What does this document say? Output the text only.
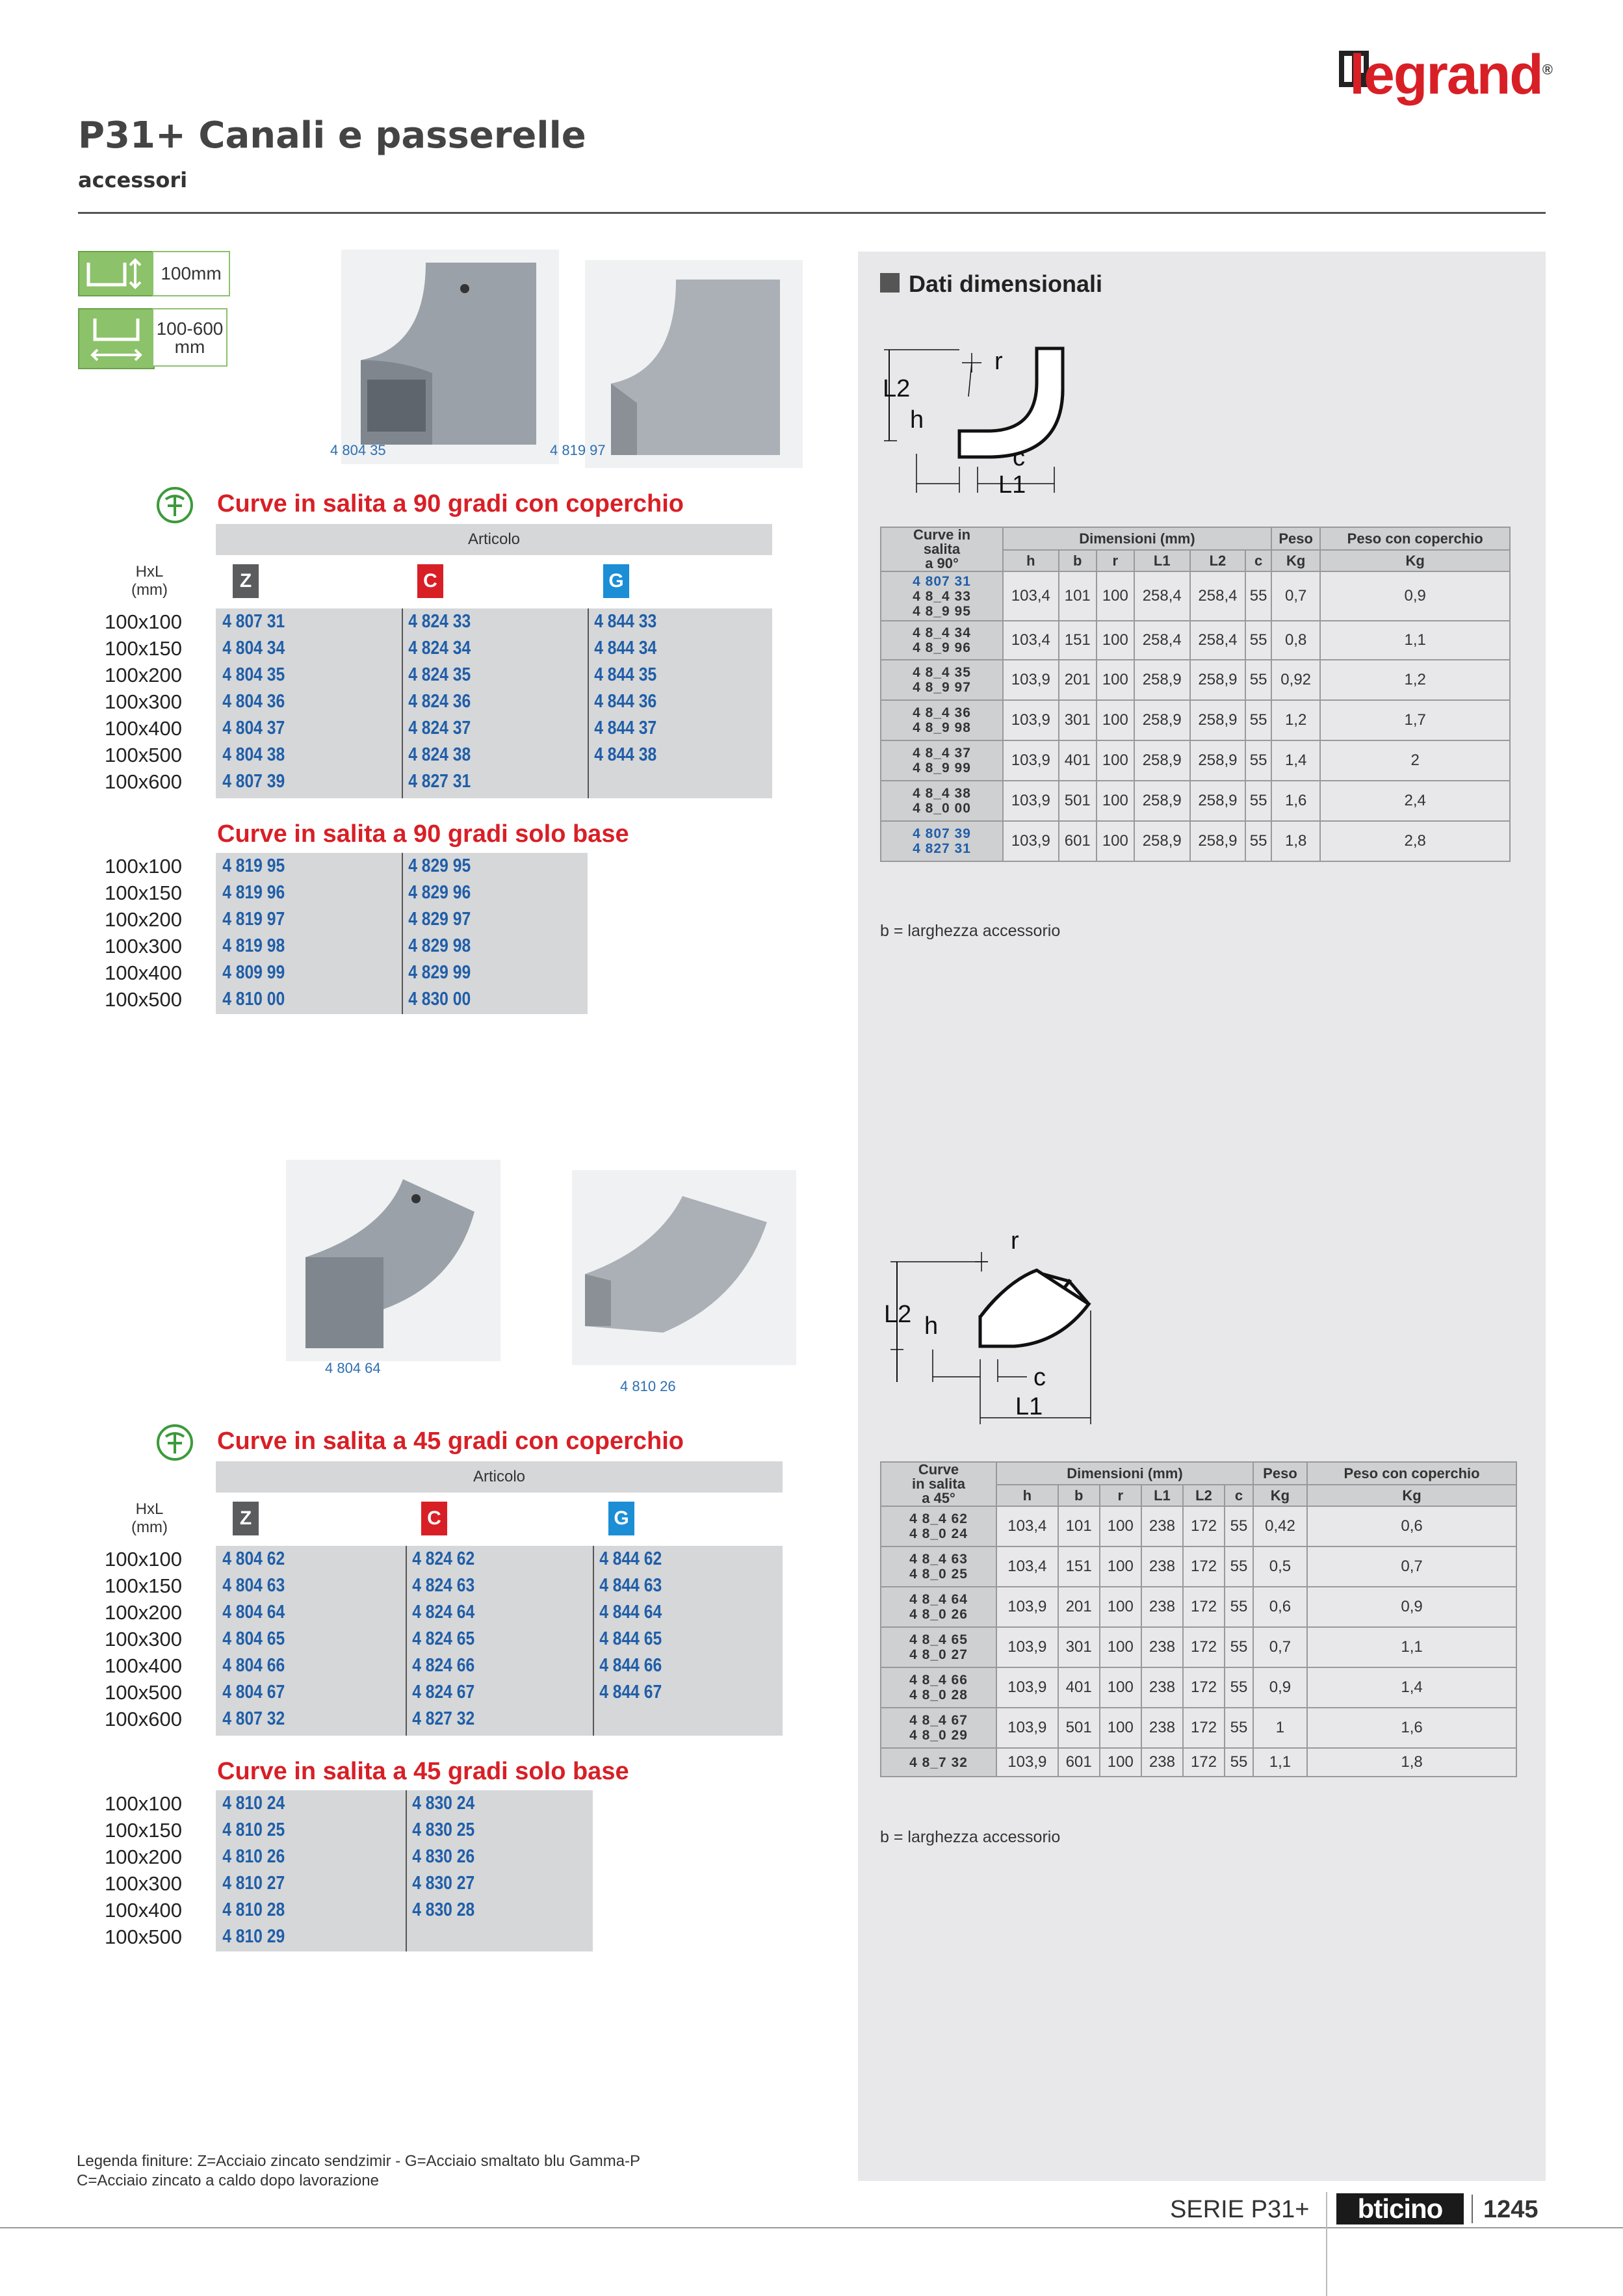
legrand®
P31+ Canali e passerelle
accessori
100mm
100-600 mm
4 804 35	4 819 97
Curve in salita a 90 gradi con coperchio
Articolo
HxL (mm)	Z	C	G
100x100	4 807 31	4 824 33	4 844 33
100x150	4 804 34	4 824 34	4 844 34
100x200	4 804 35	4 824 35	4 844 35
100x300	4 804 36	4 824 36	4 844 36
100x400	4 804 37	4 824 37	4 844 37
100x500	4 804 38	4 824 38	4 844 38
100x600	4 807 39	4 827 31
Curve in salita a 90 gradi solo base
100x100	4 819 95	4 829 95
100x150	4 819 96	4 829 96
100x200	4 819 97	4 829 97
100x300	4 819 98	4 829 98
100x400	4 809 99	4 829 99
100x500	4 810 00	4 830 00
4 804 64
4 810 26
Curve in salita a 45 gradi con coperchio
Articolo
HxL (mm)	Z	C	G
100x100	4 804 62	4 824 62	4 844 62
100x150	4 804 63	4 824 63	4 844 63
100x200	4 804 64	4 824 64	4 844 64
100x300	4 804 65	4 824 65	4 844 65
100x400	4 804 66	4 824 66	4 844 66
100x500	4 804 67	4 824 67	4 844 67
100x600	4 807 32	4 827 32
Curve in salita a 45 gradi solo base
100x100	4 810 24	4 830 24
100x150	4 810 25	4 830 25
100x200	4 810 26	4 830 26
100x300	4 810 27	4 830 27
100x400	4 810 28	4 830 28
100x500	4 810 29
Dati dimensionali
r
L2
h
c
L1
Curve in
salita
a 90°	Dimensioni (mm)						Peso	Peso con coperchio
	h	b	r	L1	L2	c	Kg	Kg

4 807 31
4 8_4 33
4 8_9 95	103,4	101	100	258,4	258,4	55	0,7	0,9

4 8_4 34
4 8_9 96	103,4	151	100	258,4	258,4	55	0,8	1,1

4 8_4 35
4 8_9 97	103,9	201	100	258,9	258,9	55	0,92	1,2

4 8_4 36
4 8_9 98	103,9	301	100	258,9	258,9	55	1,2	1,7

4 8_4 37
4 8_9 99	103,9	401	100	258,9	258,9	55	1,4	2

4 8_4 38
4 8_0 00	103,9	501	100	258,9	258,9	55	1,6	2,4

4 807 39
4 827 31	103,9	601	100	258,9	258,9	55	1,8	2,8
b = larghezza accessorio
r
L2 h
c
L1
Curve
in salita
a 45°	Dimensioni (mm)						Peso	Peso con coperchio
	h	b	r	L1	L2	c	Kg	Kg

4 8_4 62
4 8_0 24	103,4	101	100	238	172	55	0,42	0,6

4 8_4 63
4 8_0 25	103,4	151	100	238	172	55	0,5	0,7

4 8_4 64
4 8_0 26	103,9	201	100	238	172	55	0,6	0,9

4 8_4 65
4 8_0 27	103,9	301	100	238	172	55	0,7	1,1

4 8_4 66
4 8_0 28	103,9	401	100	238	172	55	0,9	1,4

4 8_4 67
4 8_0 29	103,9	501	100	238	172	55	1	1,6

4 8_7 32	103,9	601	100	238	172	55	1,1	1,8
b = larghezza accessorio
Legenda finiture: Z=Acciaio zincato sendzimir - G=Acciaio smaltato blu Gamma-P
C=Acciaio zincato a caldo dopo lavorazione
SERIE P31+	bticino	1245
